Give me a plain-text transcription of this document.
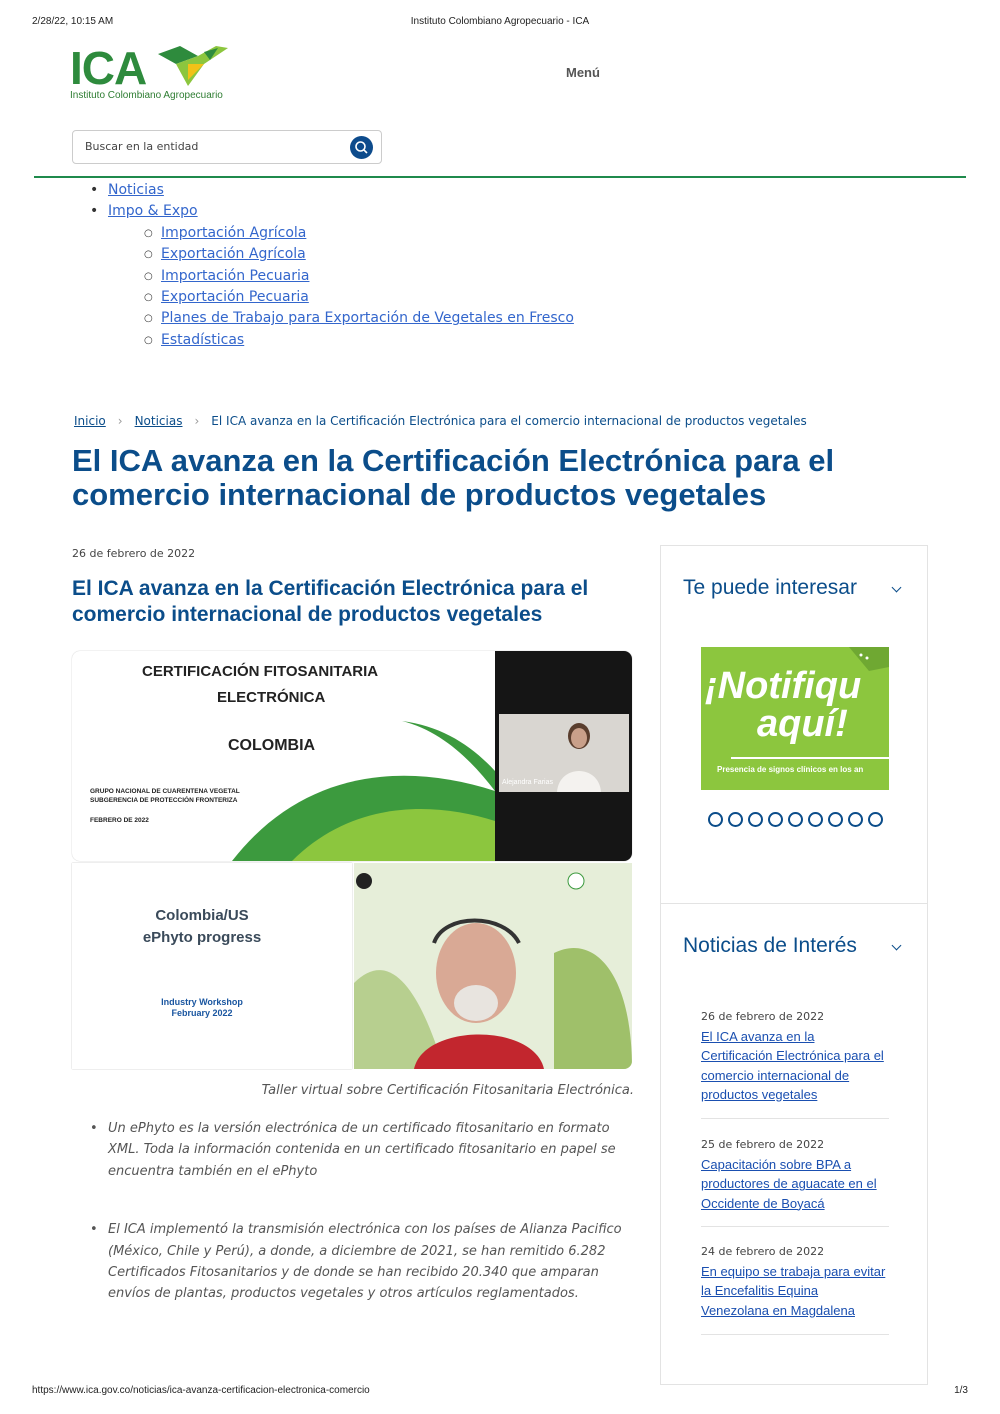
2/28/22, 10:15 AM	Instituto Colombiano Agropecuario - ICA
https://www.ica.gov.co/noticias/ica-avanza-certificacion-electronica-comercio	1/3
ICA
Instituto Colombiano Agropecuario
Menú
Buscar en la entidad
• Noticias
• Impo & Expo
○ Importación Agrícola
○ Exportación Agrícola
○ Importación Pecuaria
○ Exportación Pecuaria
○ Planes de Trabajo para Exportación de Vegetales en Fresco
○ Estadísticas
Inicio › Noticias › El ICA avanza en la Certificación Electrónica para el comercio internacional de productos vegetales
El ICA avanza en la Certificación Electrónica para el comercio internacional de productos vegetales
26 de febrero de 2022
El ICA avanza en la Certificación Electrónica para el comercio internacional de productos vegetales
CERTIFICACIÓN FITOSANITARIA
ELECTRÓNICA
COLOMBIA
GRUPO NACIONAL DE CUARENTENA VEGETAL
SUBGERENCIA DE PROTECCIÓN FRONTERIZA
FEBRERO DE 2022
Alejandra Farias
Colombia/US
ePhyto progress
Industry Workshop
February 2022
Taller virtual sobre Certificación Fitosanitaria Electrónica.
• Un ePhyto es la versión electrónica de un certificado fitosanitario en formato XML. Toda la información contenida en un certificado fitosanitario en papel se encuentra también en el ePhyto
• El ICA implementó la transmisión electrónica con los países de Alianza Pacifico (México, Chile y Perú), a donde, a diciembre de 2021, se han remitido 6.282 Certificados Fitosanitarios y de donde se han recibido 20.340 que amparan envíos de plantas, productos vegetales y otros artículos reglamentados.
Te puede interesar
¡Notifiqu
aquí!
Presencia de signos clínicos en los an
Noticias de Interés
26 de febrero de 2022
El ICA avanza en la Certificación Electrónica para el comercio internacional de productos vegetales
25 de febrero de 2022
Capacitación sobre BPA a productores de aguacate en el Occidente de Boyacá
24 de febrero de 2022
En equipo se trabaja para evitar la Encefalitis Equina Venezolana en Magdalena
